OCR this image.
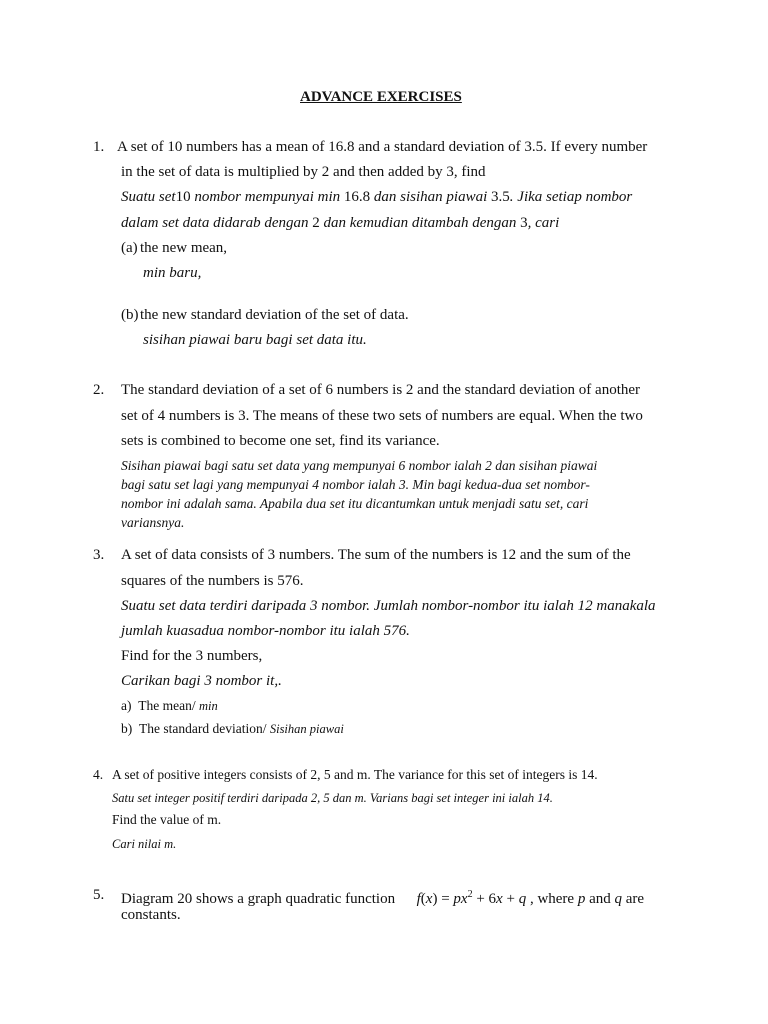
ADVANCE EXERCISES
1. A set of 10 numbers has a mean of 16.8 and a standard deviation of 3.5. If every number
in the set of data is multiplied by 2 and then added by 3, find
Suatu set10 nombor mempunyai min 16.8 dan sisihan piawai 3.5. Jika setiap nombor
dalam set data didarab dengan 2 dan kemudian ditambah dengan 3, cari
(a) the new mean,
min baru,
(b) the new standard deviation of the set of data.
sisihan piawai baru bagi set data itu.
2. The standard deviation of a set of 6 numbers is 2 and the standard deviation of another
set of 4 numbers is 3. The means of these two sets of numbers are equal. When the two
sets is combined to become one set, find its variance.
Sisihan piawai bagi satu set data yang mempunyai 6 nombor ialah 2 dan sisihan piawai
bagi satu set lagi yang mempunyai 4 nombor ialah 3. Min bagi kedua-dua set nombor-
nombor ini adalah sama. Apabila dua set itu dicantumkan untuk menjadi satu set, cari
variansnya.
3. A set of data consists of 3 numbers. The sum of the numbers is 12 and the sum of the
squares of the numbers is 576.
Suatu set data terdiri daripada 3 nombor. Jumlah nombor-nombor itu ialah 12 manakala
jumlah kuasadua nombor-nombor itu ialah 576.
Find for the 3 numbers,
Carikan bagi 3 nombor it,.
a) The mean/ min
b) The standard deviation/ Sisihan piawai
4. A set of positive integers consists of 2, 5 and m. The variance for this set of integers is 14.
Satu set integer positif terdiri daripada 2, 5 dan m. Varians bagi set integer ini ialah 14.
Find the value of m.
Cari nilai m.
5. Diagram 20 shows a graph quadratic function $f(x) = px^2 + 6x + q$ , where p and q are
constants.
